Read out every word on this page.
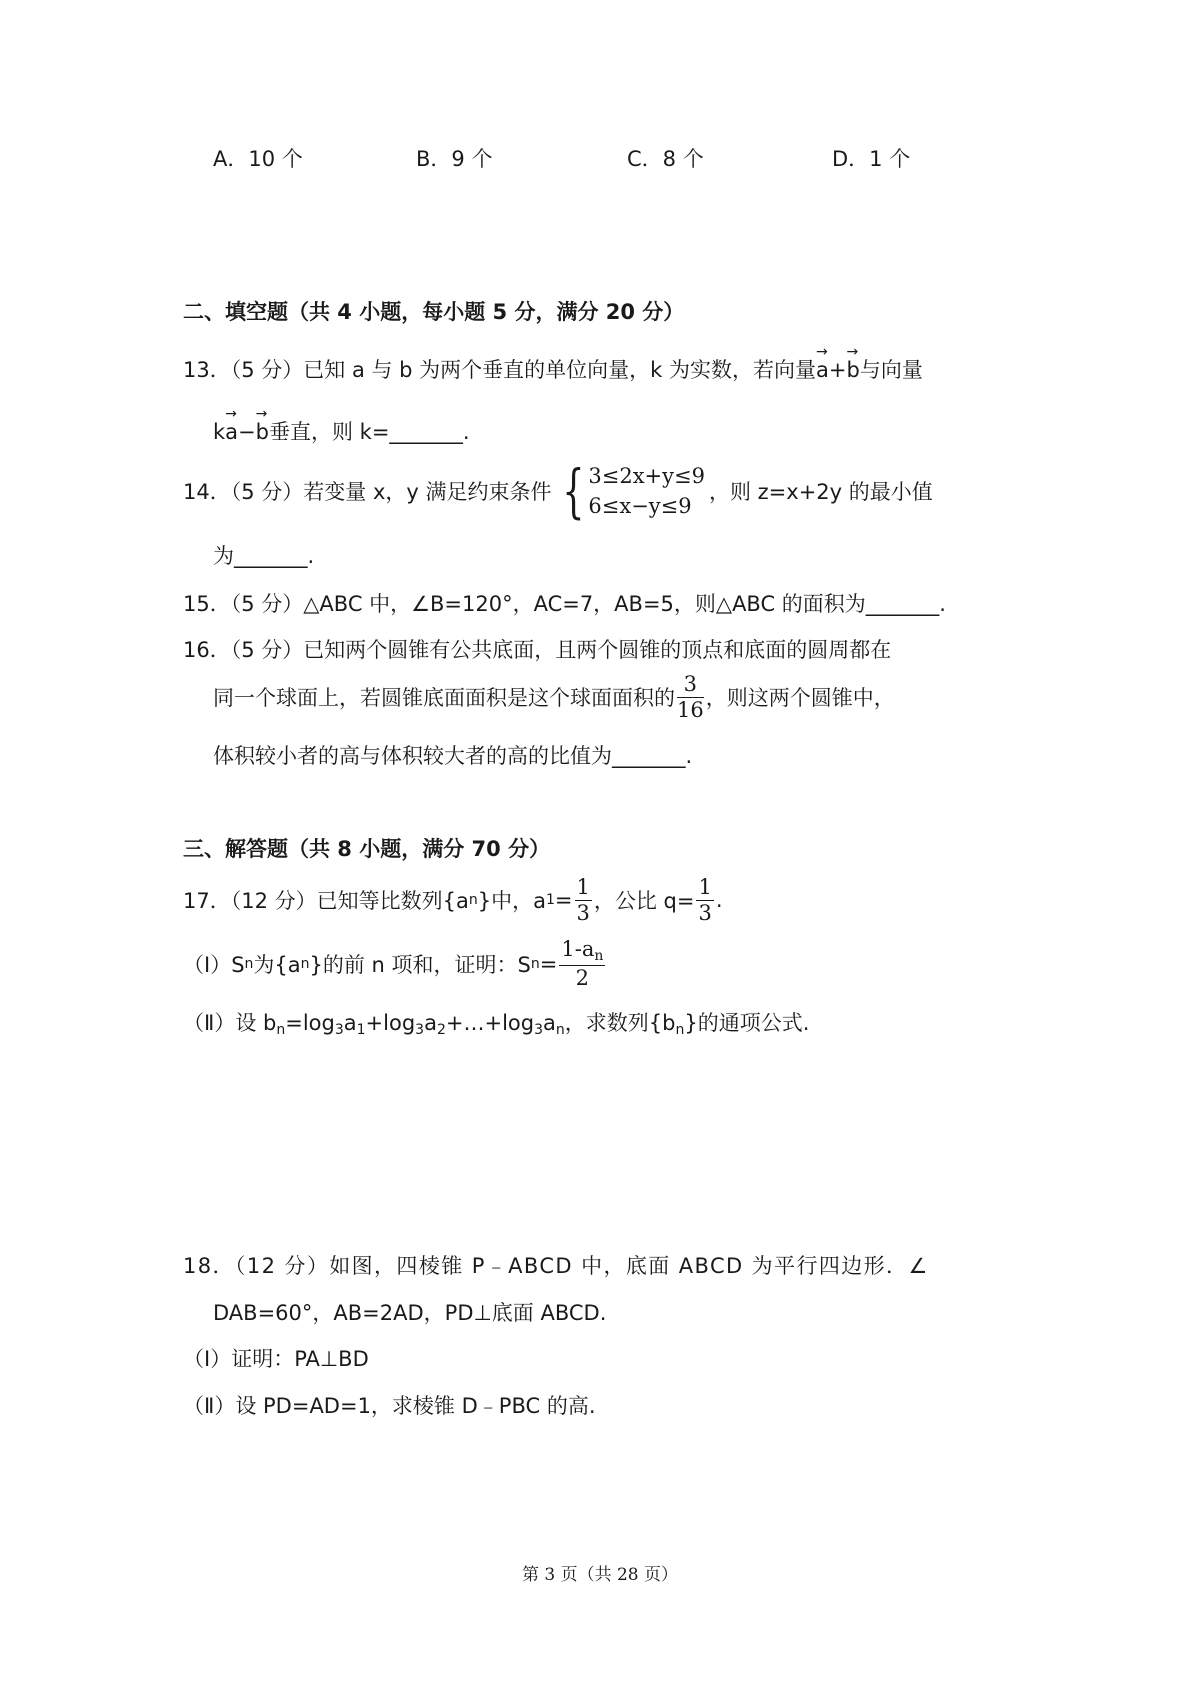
A．10 个	B．9 个	C．8 个	D．1 个
二、填空题（共 4 小题，每小题 5 分，满分 20 分）
13．（5 分）已知 a 与 b 为两个垂直的单位向量，k 为实数，若向量→ a+→ b与向量
k→ a−→ b垂直，则 k=_______.
14．（5 分） 若变量 x，y 满足约束条件 { 3≤2x+y≤9
6≤x−y≤9
，则 z=x+2y 的最小值
为_______.
15．（5 分）△ABC 中，∠B=120°，AC=7，AB=5，则△ABC 的面积为_______.
16．（5 分）已知两个圆锥有公共底面，且两个圆锥的顶点和底面的圆周都在
同一个球面上，若圆锥底面面积是这个球面面积的 $\frac{3}{16}$ ，则这两个圆锥中，
体积较小者的高与体积较大者的高的比值为_______.
三、解答题（共 8 小题，满分 70 分）
17．（12 分） 已知等比数列{a n }中，a $1 = \frac{1}{3}$ ，公比 $q= \frac{1}{3}$ .
（Ⅰ）S n 为{a n }的前 n 项和，证明：S $n = \frac{1-a_n}{2}$
（Ⅱ）设 $b_n=\log_3a_1+\log_3a_2+\dots+\log_3a_n$，求数列$\{b_n\}$的通项公式.
18．（12 分）如图，四棱锥 P﹣ABCD 中，底面 ABCD 为平行四边形．∠
DAB=60°，AB=2AD，PD⊥底面 ABCD.
（Ⅰ）证明：PA⊥BD
（Ⅱ）设 PD=AD=1，求棱锥 D﹣PBC 的高.
第 3 页（共 28 页）
